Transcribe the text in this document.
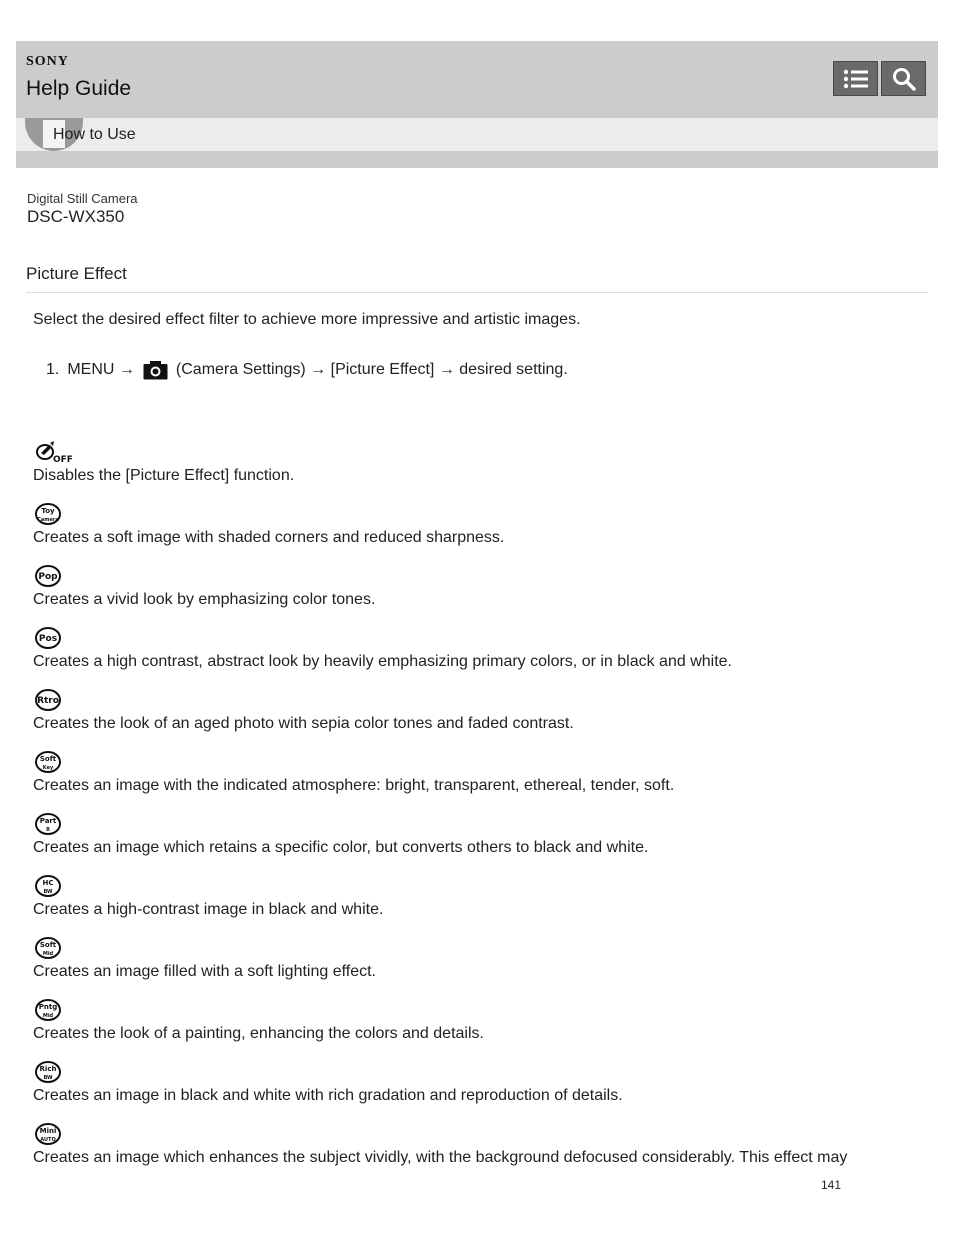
SONY
Help Guide
How to Use
Digital Still Camera
DSC-WX350
Picture Effect
Select the desired effect filter to achieve more impressive and artistic images.
1. MENU →	(Camera Settings) → [Picture Effect] → desired setting.
OFF
Disables the [Picture Effect] function.
Toy
Camera
Creates a soft image with shaded corners and reduced sharpness.
Pop
Creates a vivid look by emphasizing color tones.
Pos
Creates a high contrast, abstract look by heavily emphasizing primary colors, or in black and white.
Rtro
Creates the look of an aged photo with sepia color tones and faded contrast.
Soft
Key
Creates an image with the indicated atmosphere: bright, transparent, ethereal, tender, soft.
Part
R
Creates an image which retains a specific color, but converts others to black and white.
HC
BW
Creates a high-contrast image in black and white.
Soft
Mid
Creates an image filled with a soft lighting effect.
Pntg
Mid
Creates the look of a painting, enhancing the colors and details.
Rich
BW
Creates an image in black and white with rich gradation and reproduction of details.
Mini
AUTO
Creates an image which enhances the subject vividly, with the background defocused considerably. This effect may
141
